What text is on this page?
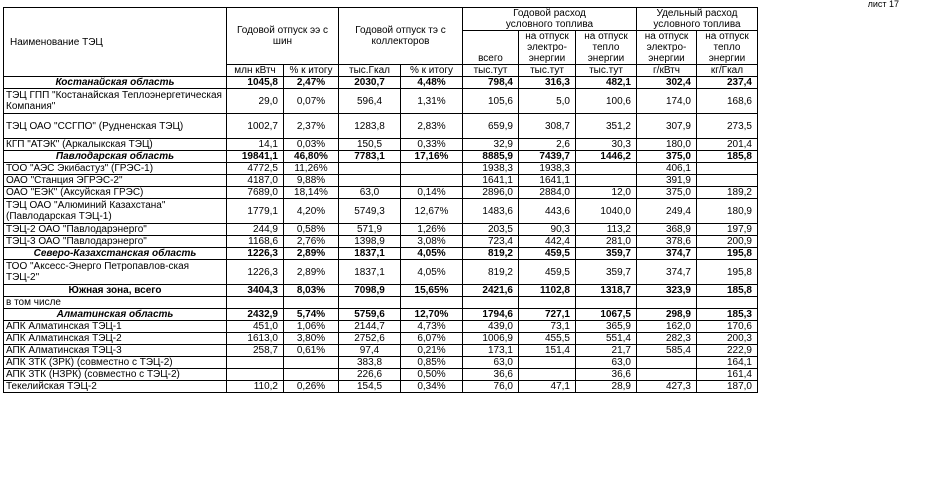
лист 17
Наименование ТЭЦ	Годовой отпуск ээ с шин		Годовой отпуск тэ с коллекторов		Годовой расход условного топлива			Удельный расход условного топлива	
					всего	на отпуск электро-энергии	на отпуск тепло энергии	на отпуск электро-энергии	на отпуск тепло энергии

	млн кВтч	% к итогу	тыс.Гкал	% к итогу	тыс.тут	тыс.тут	тыс.тут	г/кВтч	кг/Гкал
Костанайская область	1045,8	2,47%	2030,7	4,48%	798,4	316,3	482,1	302,4	237,4
ТЭЦ ГПП "Костанайская Теплоэнергетическая Компания"	29,0	0,07%	596,4	1,31%	105,6	5,0	100,6	174,0	168,6
ТЭЦ ОАО "ССГПО" (Рудненская ТЭЦ)	1002,7	2,37%	1283,8	2,83%	659,9	308,7	351,2	307,9	273,5
КГП "АТЭК" (Аркалыкская ТЭЦ)	14,1	0,03%	150,5	0,33%	32,9	2,6	30,3	180,0	201,4
Павлодарская область	19841,1	46,80%	7783,1	17,16%	8885,9	7439,7	1446,2	375,0	185,8
ТОО "АЭС Экибастуз" (ГРЭС-1)	4772,5	11,26%			1938,3	1938,3		406,1	
ОАО "Станция ЭГРЭС-2"	4187,0	9,88%			1641,1	1641,1		391,9	
ОАО "ЕЭК" (Аксуйская ГРЭС)	7689,0	18,14%	63,0	0,14%	2896,0	2884,0	12,0	375,0	189,2
ТЭЦ ОАО "Алюминий Казахстана" (Павлодарская ТЭЦ-1)	1779,1	4,20%	5749,3	12,67%	1483,6	443,6	1040,0	249,4	180,9
ТЭЦ-2 ОАО "Павлодарэнерго"	244,9	0,58%	571,9	1,26%	203,5	90,3	113,2	368,9	197,9
ТЭЦ-3 ОАО "Павлодарэнерго"	1168,6	2,76%	1398,9	3,08%	723,4	442,4	281,0	378,6	200,9
Северо-Казахстанская область	1226,3	2,89%	1837,1	4,05%	819,2	459,5	359,7	374,7	195,8
ТОО "Аксесс-Энерго Петропавлов-ская ТЭЦ-2"	1226,3	2,89%	1837,1	4,05%	819,2	459,5	359,7	374,7	195,8
Южная зона, всего	3404,3	8,03%	7098,9	15,65%	2421,6	1102,8	1318,7	323,9	185,8
в том числе									
Алматинская область	2432,9	5,74%	5759,6	12,70%	1794,6	727,1	1067,5	298,9	185,3
АПК Алматинская ТЭЦ-1	451,0	1,06%	2144,7	4,73%	439,0	73,1	365,9	162,0	170,6
АПК Алматинская ТЭЦ-2	1613,0	3,80%	2752,6	6,07%	1006,9	455,5	551,4	282,3	200,3
АПК Алматинская ТЭЦ-3	258,7	0,61%	97,4	0,21%	173,1	151,4	21,7	585,4	222,9
АПК ЗТК (ЗРК) (совместно с ТЭЦ-2)			383,8	0,85%	63,0		63,0		164,1
АПК ЗТК (НЗРК) (совместно с ТЭЦ-2)			226,6	0,50%	36,6		36,6		161,4
Текелийская ТЭЦ-2	110,2	0,26%	154,5	0,34%	76,0	47,1	28,9	427,3	187,0
